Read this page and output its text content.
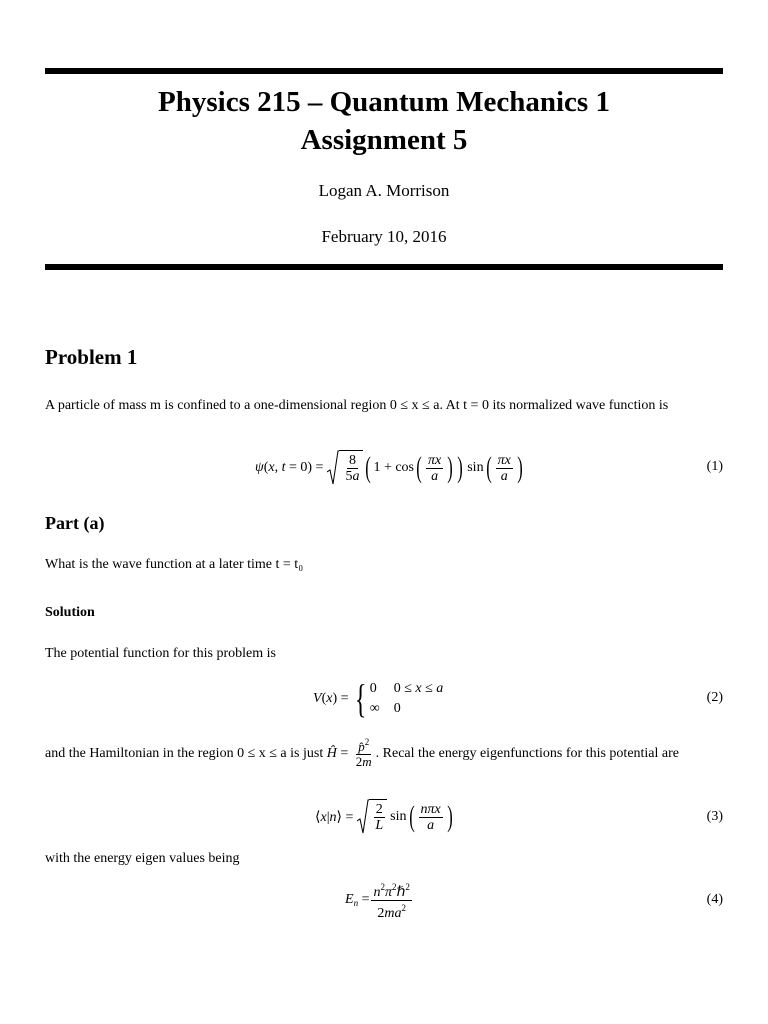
Physics 215 – Quantum Mechanics 1
Assignment 5
Logan A. Morrison
February 10, 2016
Problem 1
A particle of mass m is confined to a one-dimensional region 0 ≤ x ≤ a. At t = 0 its normalized wave function is
ψ(x, $t = 0) = \frac{8}{5a}$ ( 1 + cos ( $\frac{\pi x}{a}$ ) ) sin ( $\frac{\pi x}{a}$ )	(1)
Part (a)
What is the wave function at a later time t = t₀
Solution
The potential function for this problem is
V(x) = { 0 0 ≤ x ≤ a
∞ 0
(2)
and the Hamiltonian in the region 0 ≤ x ≤ a is just Ĥ = $\frac{p̂^2}{2m}$ . Recal the energy eigenfunctions for this potential are
⟨x|n⟩ = $\frac{2}{L}$ sin ( $\frac{\text{nπx}}{a}$ )	(3)
with the energy eigen values being
$E_n = \frac{n^2\pi^2\hbar^2}{2ma^2}$	(4)
